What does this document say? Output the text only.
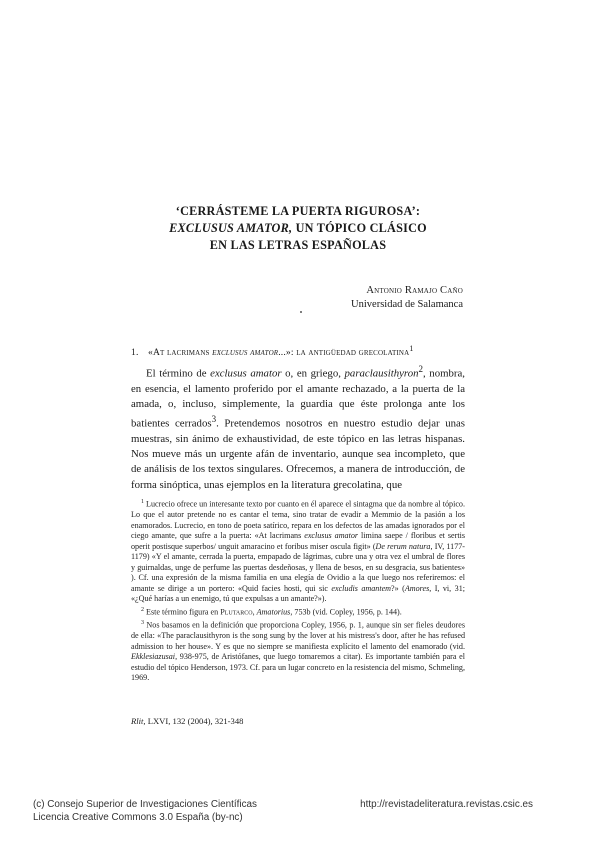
‘CERRÁSTEME LA PUERTA RIGUROSA’:
EXCLUSUS AMATOR, UN TÓPICO CLÁSICO
EN LAS LETRAS ESPAÑOLAS
Antonio Ramajo Caño
Universidad de Salamanca
1. «At lacrimans exclusus amator...»: la antigüedad grecolatina$^1$

El término de exclusus amator o, en griego, paraclausithyron$^2$, nombra, en esencia, el lamento proferido por el amante rechazado, a la puerta de la amada, o, incluso, simplemente, la guardia que éste prolonga ante los batientes cerrados$^3$. Pretendemos nosotros en nuestro estudio dejar unas muestras, sin ánimo de exhaustividad, de este tópico en las letras hispanas. Nos mueve más un urgente afán de inventario, aunque sea incompleto, que de análisis de los textos singulares. Ofrecemos, a manera de introducción, de forma sinóptica, unas ejemplos en la literatura grecolatina, que

$^1$ Lucrecio ofrece un interesante texto por cuanto en él aparece el sintagma que da nombre al tópico. Lo que el autor pretende no es cantar el tema, sino tratar de evadir a Memmio de la pasión a los enamorados. Lucrecio, en tono de poeta satírico, repara en los defectos de las amadas ignorados por el ciego amante, que sufre a la puerta: «At lacrimans exclusus amator limina saepe / floribus et sertis operit postisque superbos/ unguit amaracino et foribus miser oscula figit» (De rerum natura, IV, 1177-1179) «Y el amante, cerrada la puerta, empapado de lágrimas, cubre una y otra vez el umbral de flores y guirnaldas, unge de perfume las puertas desdeñosas, y llena de besos, en su desgracia, sus batientes» ). Cf. una expresión de la misma familia en una elegía de Ovidio a la que luego nos referiremos: el amante se dirige a un portero: «Quid facies hosti, qui sic excludis amantem?» (Amores, I, vi, 31; «¿Qué harías a un enemigo, tú que expulsas a un amante?»).

$^2$ Este término figura en Plutarco, Amatorius, 753b (vid. Copley, 1956, p. 144).

$^3$ Nos basamos en la definición que proporciona Copley, 1956, p. 1, aunque sin ser fieles deudores de ella: «The paraclausithyron is the song sung by the lover at his mistress's door, after he has refused admission to her house». Y es que no siempre se manifiesta explícito el lamento del enamorado (vid. Ekklesiazusai, 938-975, de Aristófanes, que luego tomaremos a citar). Es importante también para el estudio del tópico Henderson, 1973. Cf. para un lugar concreto en la resistencia del mismo, Schmeling, 1969.

Rlit, LXVI, 132 (2004), 321-348
(c) Consejo Superior de Investigaciones Científicas
Licencia Creative Commons 3.0 España (by-nc)
http://revistadeliteratura.revistas.csic.es
